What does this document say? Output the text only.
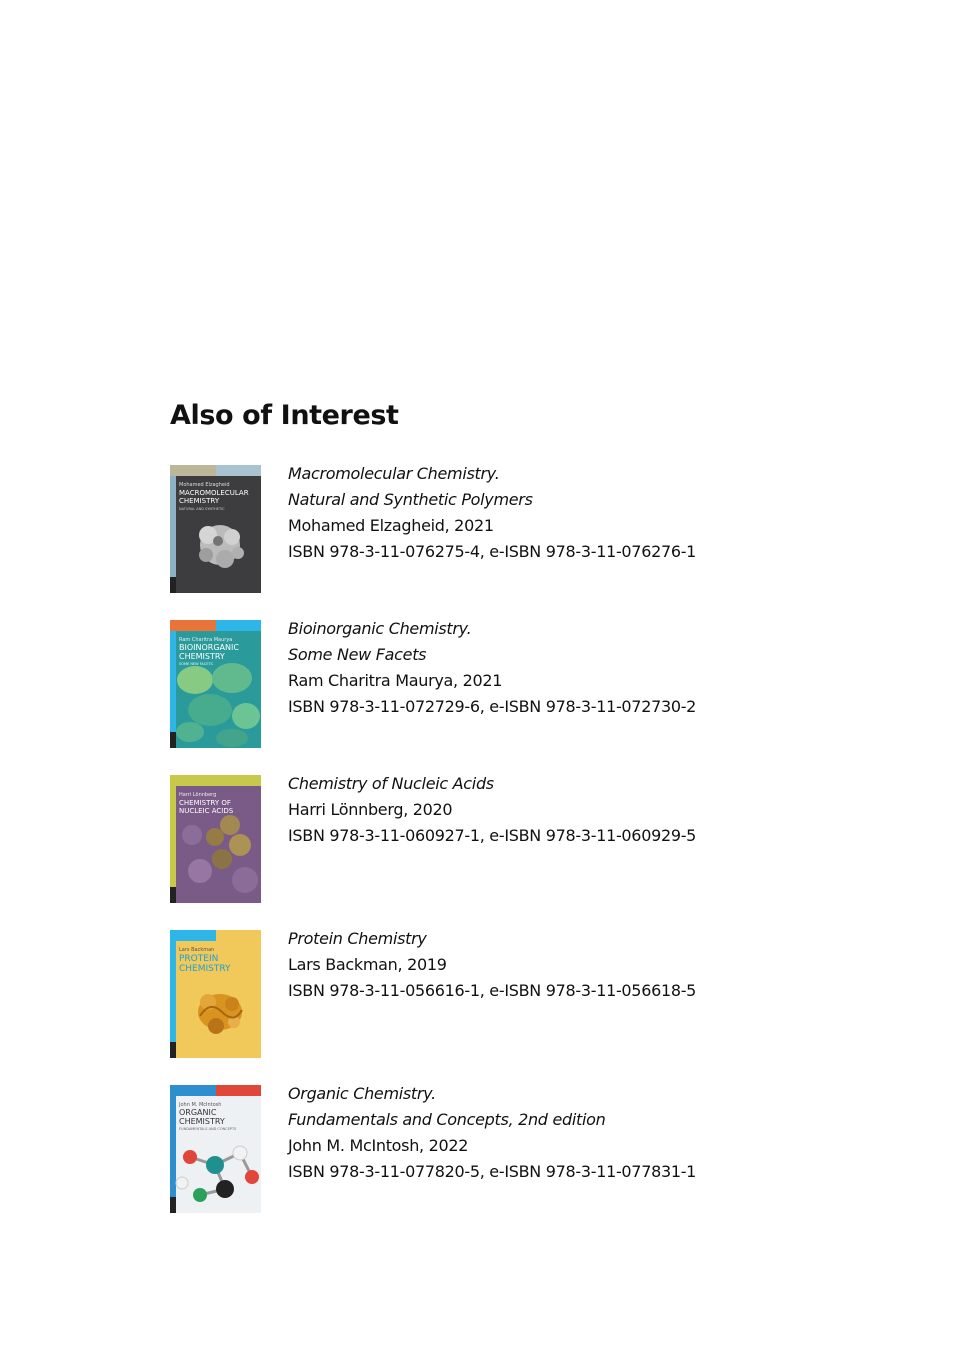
Also of Interest
Mohamed Elzagheid
MACROMOLECULAR
CHEMISTRY
NATURAL AND SYNTHETIC
Macromolecular Chemistry.
Natural and Synthetic Polymers
Mohamed Elzagheid, 2021
ISBN 978-3-11-076275-4, e-ISBN 978-3-11-076276-1
Ram Charitra Maurya
BIOINORGANIC
CHEMISTRY
SOME NEW FACETS
Bioinorganic Chemistry.
Some New Facets
Ram Charitra Maurya, 2021
ISBN 978-3-11-072729-6, e-ISBN 978-3-11-072730-2
Harri Lönnberg
CHEMISTRY OF
NUCLEIC ACIDS
Chemistry of Nucleic Acids
Harri Lönnberg, 2020
ISBN 978-3-11-060927-1, e-ISBN 978-3-11-060929-5
Lars Backman
PROTEIN
CHEMISTRY
Protein Chemistry
Lars Backman, 2019
ISBN 978-3-11-056616-1, e-ISBN 978-3-11-056618-5
John M. McIntosh
ORGANIC
CHEMISTRY
FUNDAMENTALS AND CONCEPTS
Organic Chemistry.
Fundamentals and Concepts, 2nd edition
John M. McIntosh, 2022
ISBN 978-3-11-077820-5, e-ISBN 978-3-11-077831-1
